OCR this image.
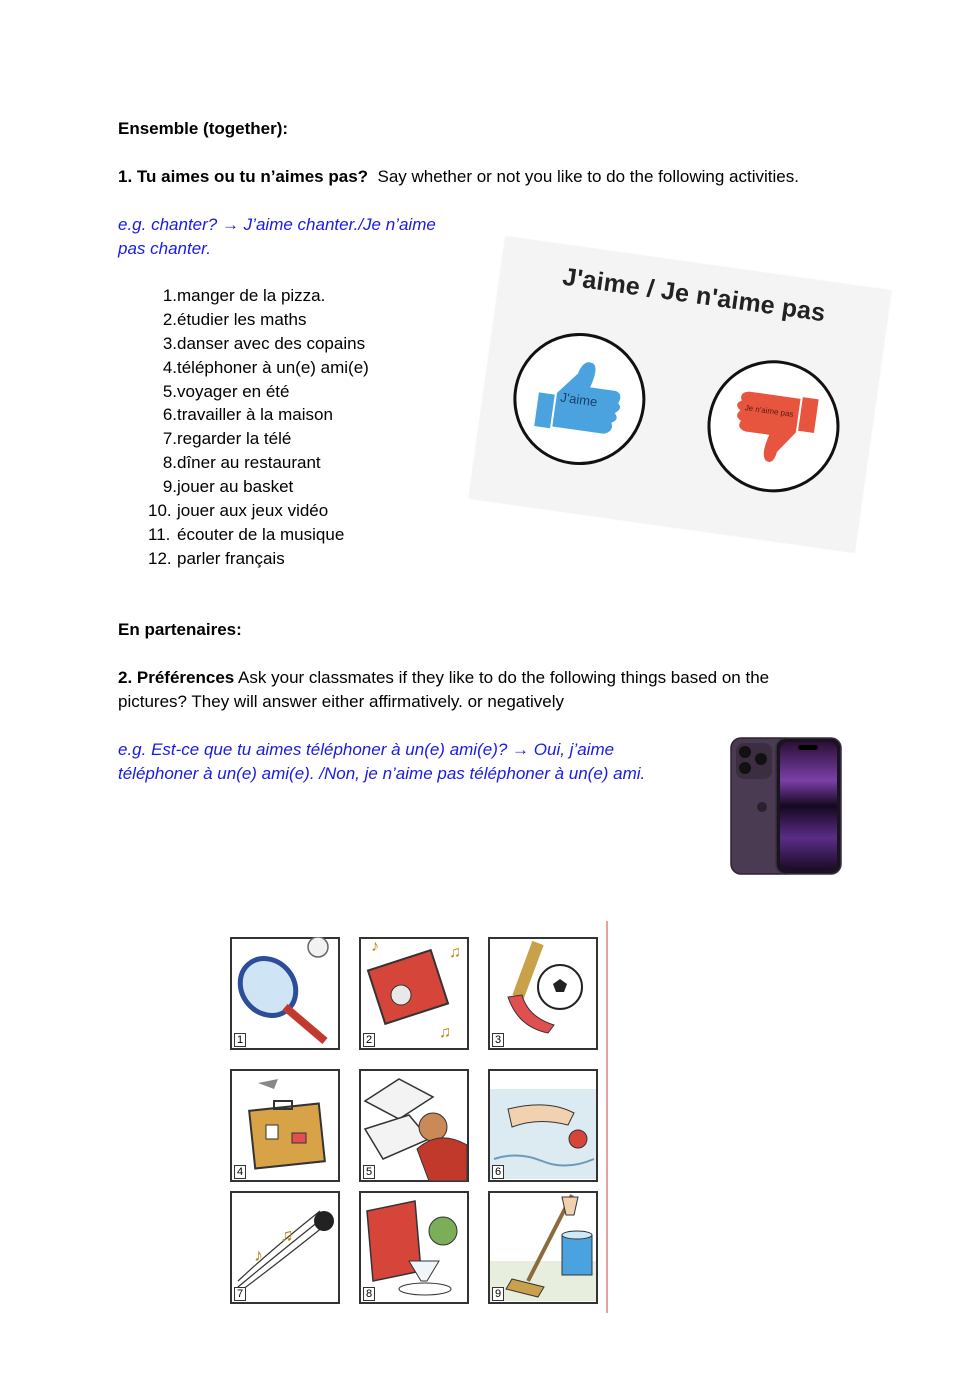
Ensemble (together):
1. Tu aimes ou tu n’aimes pas? Say whether or not you like to do the following activities.
e.g. chanter? → J’aime chanter./Je n’aime
pas chanter.
1.manger de la pizza.
2.étudier les maths
3.danser avec des copains
4.téléphoner à un(e) ami(e)
5.voyager en été
6.travailler à la maison
7.regarder la télé
8.dîner au restaurant
9.jouer au basket
10. jouer aux jeux vidéo
11. écouter de la musique
12. parler français
J'aime / Je n'aime pas
J'aime
Je n'aime pas
En partenaires:
2. Préférences Ask your classmates if they like to do the following things based on the
pictures? They will answer either affirmatively. or negatively
e.g. Est-ce que tu aimes téléphoner à un(e) ami(e)? → Oui, j’aime
téléphoner à un(e) ami(e). /Non, je n’aime pas téléphoner à un(e) ami.
1
♪	♫
♫
2	3
4	5	6
♪
♫
7	8	9
